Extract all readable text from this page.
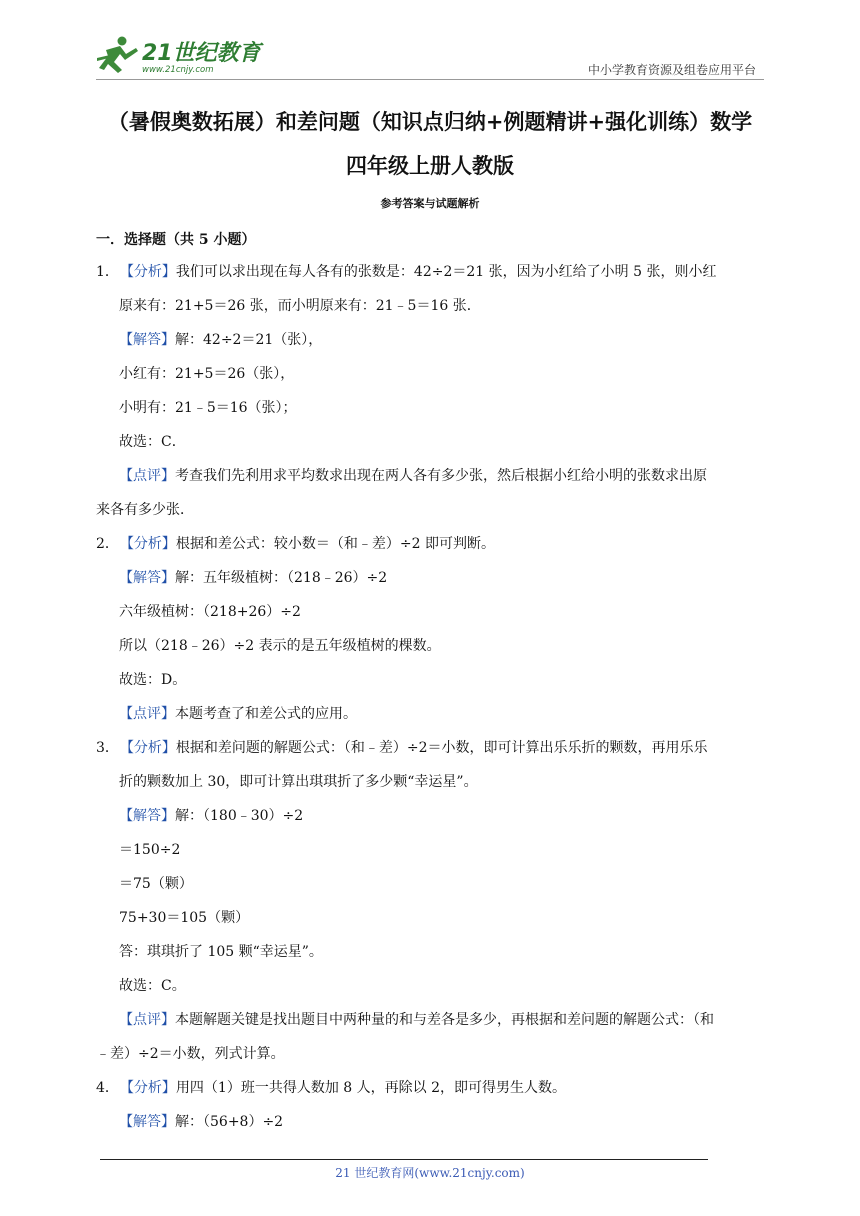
21世纪教育
www.21cnjy.com	中小学教育资源及组卷应用平台
（暑假奥数拓展）和差问题（知识点归纳+例题精讲+强化训练）数学
四年级上册人教版
参考答案与试题解析
一．选择题（共 5 小题）
1． 【分析】我们可以求出现在每人各有的张数是：42÷2＝21 张，因为小红给了小明 5 张，则小红
原来有：21+5＝26 张，而小明原来有：21﹣5＝16 张．
【解答】解：42÷2＝21（张），
小红有：21+5＝26（张），
小明有：21﹣5＝16（张）；
故选：C．
【点评】考查我们先利用求平均数求出现在两人各有多少张，然后根据小红给小明的张数求出原
来各有多少张．
2． 【分析】根据和差公式：较小数＝（和﹣差）÷2 即可判断。
【解答】解：五年级植树：（218﹣26）÷2
六年级植树：（218+26）÷2
所以（218﹣26）÷2 表示的是五年级植树的棵数。
故选：D。
【点评】本题考查了和差公式的应用。
3． 【分析】根据和差问题的解题公式：（和﹣差）÷2＝小数，即可计算出乐乐折的颗数，再用乐乐
折的颗数加上 30，即可计算出琪琪折了多少颗“幸运星”。
【解答】解：（180﹣30）÷2
＝150÷2
＝75（颗）
75+30＝105（颗）
答：琪琪折了 105 颗“幸运星”。
故选：C。
【点评】本题解题关键是找出题目中两种量的和与差各是多少，再根据和差问题的解题公式：（和
﹣差）÷2＝小数，列式计算。
4． 【分析】用四（1）班一共得人数加 8 人，再除以 2，即可得男生人数。
【解答】解：（56+8）÷2
21 世纪教育网(www.21cnjy.com)
